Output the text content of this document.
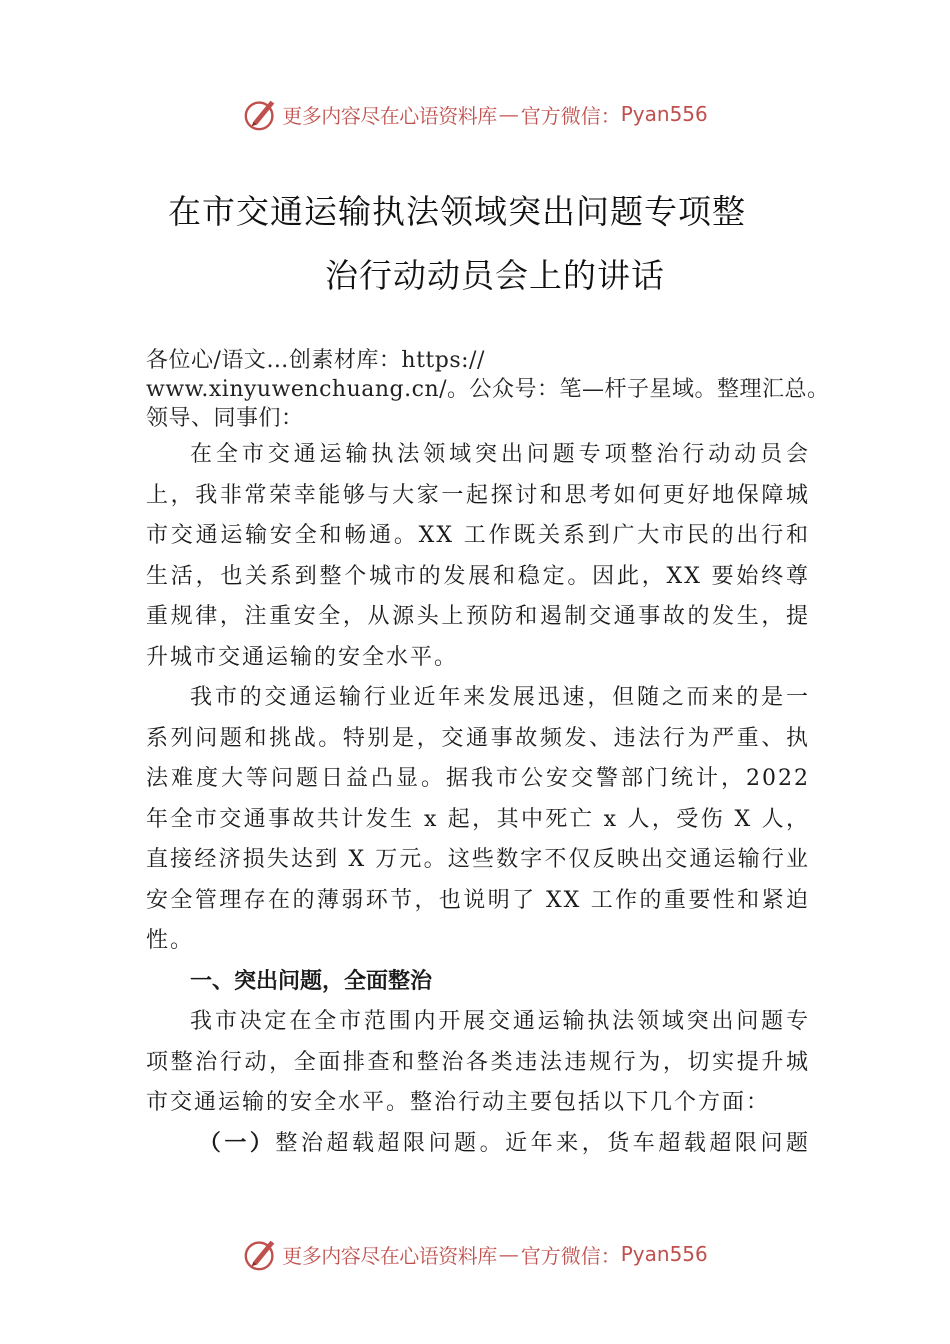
更多内容尽在心语资料库 — 官方微信： Pyan556
在市交通运输执法领域突出问题专项整
治行动动员会上的讲话
各位心/语文…创素材库：https://
www.xinyuwenchuang.cn/。公众号：笔—杆子星域。整理汇总。
领导、同事们：

在全市交通运输执法领域突出问题专项整治行动动员会上，我非常荣幸能够与大家一起探讨和思考如何更好地保障城市交通运输安全和畅通。XX 工作既关系到广大市民的出行和生活，也关系到整个城市的发展和稳定。因此，XX 要始终尊重规律，注重安全，从源头上预防和遏制交通事故的发生，提升城市交通运输的安全水平。

我市的交通运输行业近年来发展迅速，但随之而来的是一系列问题和挑战。特别是，交通事故频发、违法行为严重、执法难度大等问题日益凸显。据我市公安交警部门统计，2022 年全市交通事故共计发生 x 起，其中死亡 x 人，受伤 X 人，直接经济损失达到 X 万元。这些数字不仅反映出交通运输行业安全管理存在的薄弱环节，也说明了 XX 工作的重要性和紧迫性。

一、突出问题，全面整治

我市决定在全市范围内开展交通运输执法领域突出问题专项整治行动，全面排查和整治各类违法违规行为，切实提升城市交通运输的安全水平。整治行动主要包括以下几个方面：

（一）整治超载超限问题。近年来，货车超载超限问题

更多内容尽在心语资料库 — 官方微信： Pyan556
